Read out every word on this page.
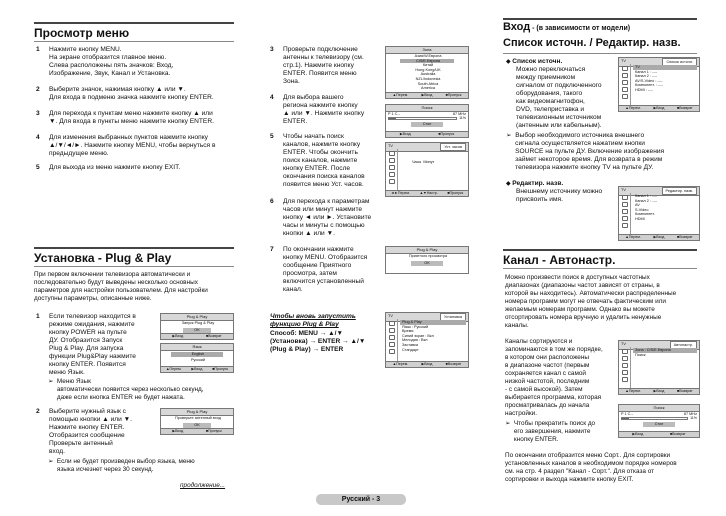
Просмотр меню
1 Нажмите кнопку MENU.
На экране отобразится главное меню.
Слева расположены пять значков: Вход,
Изображение, Звук, Канал и Установка.
2 Выберите значок, нажимая кнопку ▲ или ▼.
Для входа в подменю значка нажмите кнопку ENTER.
3 Для перехода к пунктам меню нажмите кнопку ▲ или
▼. Для входа в пункты меню нажмите кнопку ENTER.
4 Для изменения выбранных пунктов нажмите кнопку
▲/▼/◄/►. Нажмите кнопку MENU, чтобы вернуться в
предыдущее меню.
5 Для выхода из меню нажмите кнопку EXIT.
Установка - Plug & Play
При первом включении телевизора автоматически и
последовательно будут выведены несколько основных
параметров для настройки пользователем. Для настройки
доступны параметры, описанные ниже.
1 Если телевизор находится в
режиме ожидания, нажмите
кнопку POWER на пульте
ДУ. Отобразится Запуск
Plug & Play. Для запуска
функции Plug&Play нажмите
кнопку ENTER. Появится
меню Язык.
➢  Меню Язык
автоматически появится через несколько секунд,
даже если кнопка ENTER не будет нажата.
2 Выберите нужный язык с
помощью кнопки ▲ или ▼.
Нажмите кнопку ENTER.
Отобразится сообщение
Проверьте антенный
вход.
➢  Если не будет произведен выбор языка, меню
языка исчезнет через 30 секунд.
продолжение...
Plug & Play
Запуск Plug & Play
OK
▶Вход	■Возврат
Язык
English
Русский
▲Перем.	▶Вход	■Пропуск
Plug & Play
Проверьте антенный вход
OK
▶Вход	■Пропуск
3 Проверьте подключение
антенны к телевизору (см.
стр.1). Нажмите кнопку
ENTER. Появится меню
Зона.
4 Для выбора вашего
региона нажмите кнопку
▲ или ▼. Нажмите кнопку
ENTER.
5 Чтобы начать поиск
каналов, нажмите кнопку
ENTER. Чтобы окончить
поиск каналов, нажмите
кнопку ENTER. После
окончания поиска каналов
появится меню Уст. часов.
6 Для перехода к параметрам
часов или минут нажмите
кнопку ◄ или ►. Установите
часы и минуты с помощью
кнопки ▲ или ▼.
7 По окончании нажмите
кнопку MENU. Отобразится
сообщение Приятного
просмотра, затем
включится установленный
канал.
Чтобы вновь запустить
функцию Plug & Play
Способ: MENU → ▲/▼
(Установка) → ENTER → ▲/▼
(Plug & Play) → ENTER
Зона
Азия/W.Европа
CIS/E.Европа
Китай
Hong Kong/UK
Australia
NZL/Indonesia
South Africa
America
▲Перем.	▶Вход	■Пропуск
Поиск
P 1 C--	87 MHz
11%
Стоп
▶Вход	■Пропуск
TV	Уст. часов
Часы  Минут
◄►Перем.	▲▼Настр.	■Пропуск
Plug & Play
Приятного просмотра
OK
TV	Установка
Plug & Play
Язык : Русский
Время
Синий экран : Вкл
Мелодия : Вкл
Заставка
Стандарт
▲Перем.	▶Вход	■Возврат
Вход - (в зависимости от модели)
Список источн. / Редактир. назв.
◆ Список источн.
Можно переключаться
между приемником
сигналом от подключенного
оборудования, такого
как видеомагнитофон,
DVD, телеприставка и
телевизионным источником
(антенным или кабельным).
➢  Выбор необходимого источника внешнего
сигнала осуществляется нажатием кнопки
SOURCE на пульте ДУ. Включение изображения
займет некоторое время. Для возврата в режим
телевизора нажмите кнопку TV на пульте ДУ.
◆ Редактир. назв.
Внешнему источнику можно
присвоить имя.
TV	Список источн.
TV
Канал 1 : ----
Канал 2 : ----
AV/S-Video : ----
Компонент. : ----
HDMI : ----
▲Перем.	▶Вход	■Возврат
TV	Редактир. назв.
Канал 1 : ----
Канал 2 : ----
AV
S-Video
Компонент.
HDMI
▲Перем.	▶Вход	■Возврат
Канал - Автонастр.
Можно произвести поиск в доступных частотных
диапазонах (диапазоны частот зависят от страны, в
которой вы находитесь). Автоматически распределенные
номера программ могут не отвечать фактическим или
желаемым номерам программ. Однако вы можете
отсортировать номера вручную и удалить ненужные
каналы.
Каналы сортируются и
запоминаются в том же порядке,
в котором они расположены
в диапазоне частот (первым
сохраняется канал с самой
низкой частотой, последним
- с самой высокой). Затем
выбирается программа, которая
просматривалась до начала
настройки.
➢  Чтобы прекратить поиск до
его завершения, нажмите
кнопку ENTER.
По окончании отобразится меню Сорт.. Для сортировки
установленных каналов в необходимом порядке номеров
см. на стр. 4 раздел "Канал - Сорт.". Для отказа от
сортировки и выхода нажмите кнопку EXIT.
TV	Автонастр.
Зона : CIS/E.Европа
Поиск
▲Перем.	▶Вход	■Возврат
Поиск
P 1 C--	87 MHz
11%
Стоп
▶Вход	■Возврат
Русский - 3
